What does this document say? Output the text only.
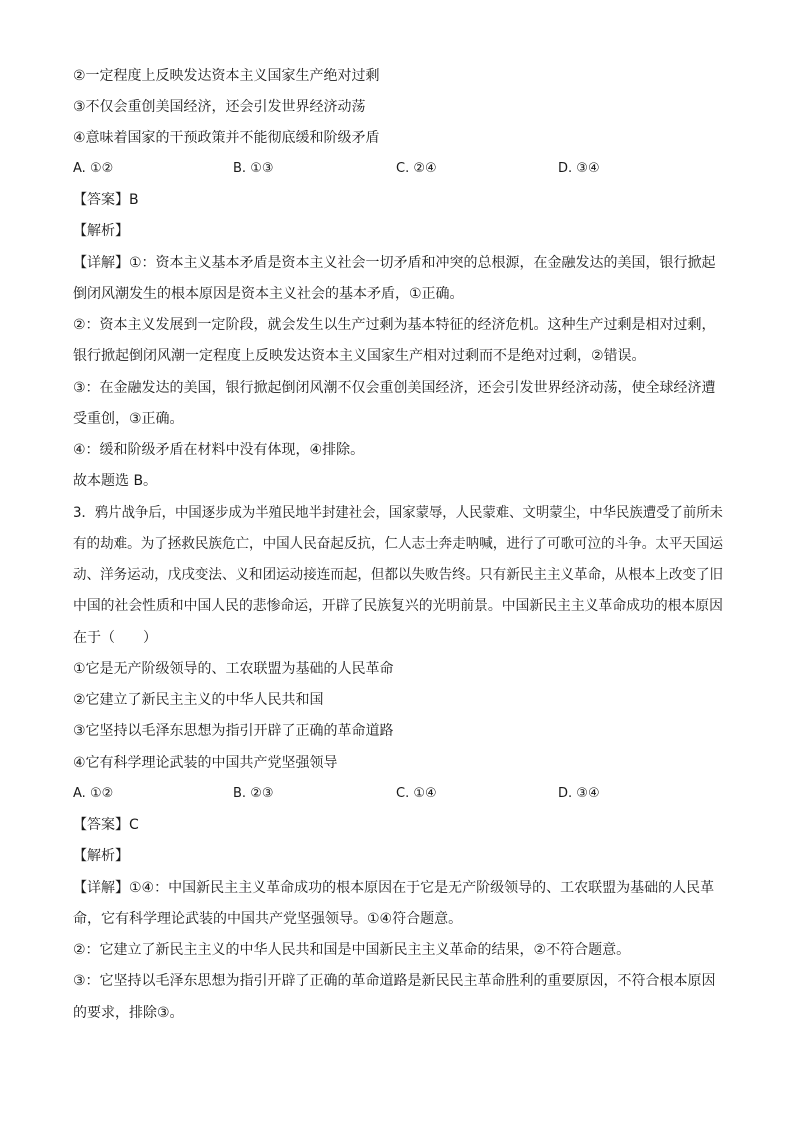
②一定程度上反映发达资本主义国家生产绝对过剩
③不仅会重创美国经济，还会引发世界经济动荡
④意味着国家的干预政策并不能彻底缓和阶级矛盾
A. ①②	B. ①③	C. ②④	D. ③④
【答案】B
【解析】
【详解】①：资本主义基本矛盾是资本主义社会一切矛盾和冲突的总根源，在金融发达的美国，银行掀起
倒闭风潮发生的根本原因是资本主义社会的基本矛盾，①正确。
②：资本主义发展到一定阶段，就会发生以生产过剩为基本特征的经济危机。这种生产过剩是相对过剩，
银行掀起倒闭风潮一定程度上反映发达资本主义国家生产相对过剩而不是绝对过剩，②错误。
③：在金融发达的美国，银行掀起倒闭风潮不仅会重创美国经济，还会引发世界经济动荡，使全球经济遭
受重创，③正确。
④：缓和阶级矛盾在材料中没有体现，④排除。
故本题选 B。
3．鸦片战争后，中国逐步成为半殖民地半封建社会，国家蒙辱，人民蒙难、文明蒙尘，中华民族遭受了前所未
有的劫难。为了拯救民族危亡，中国人民奋起反抗，仁人志士奔走呐喊，进行了可歌可泣的斗争。太平天国运
动、洋务运动，戊戌变法、义和团运动接连而起，但都以失败告终。只有新民主主义革命，从根本上改变了旧
中国的社会性质和中国人民的悲惨命运，开辟了民族复兴的光明前景。中国新民主主义革命成功的根本原因
在于（　　）
①它是无产阶级领导的、工农联盟为基础的人民革命
②它建立了新民主主义的中华人民共和国
③它坚持以毛泽东思想为指引开辟了正确的革命道路
④它有科学理论武装的中国共产党坚强领导
A. ①②	B. ②③	C. ①④	D. ③④
【答案】C
【解析】
【详解】①④：中国新民主主义革命成功的根本原因在于它是无产阶级领导的、工农联盟为基础的人民革
命，它有科学理论武装的中国共产党坚强领导。①④符合题意。
②：它建立了新民主主义的中华人民共和国是中国新民主主义革命的结果，②不符合题意。
③：它坚持以毛泽东思想为指引开辟了正确的革命道路是新民民主革命胜利的重要原因，不符合根本原因
的要求，排除③。
